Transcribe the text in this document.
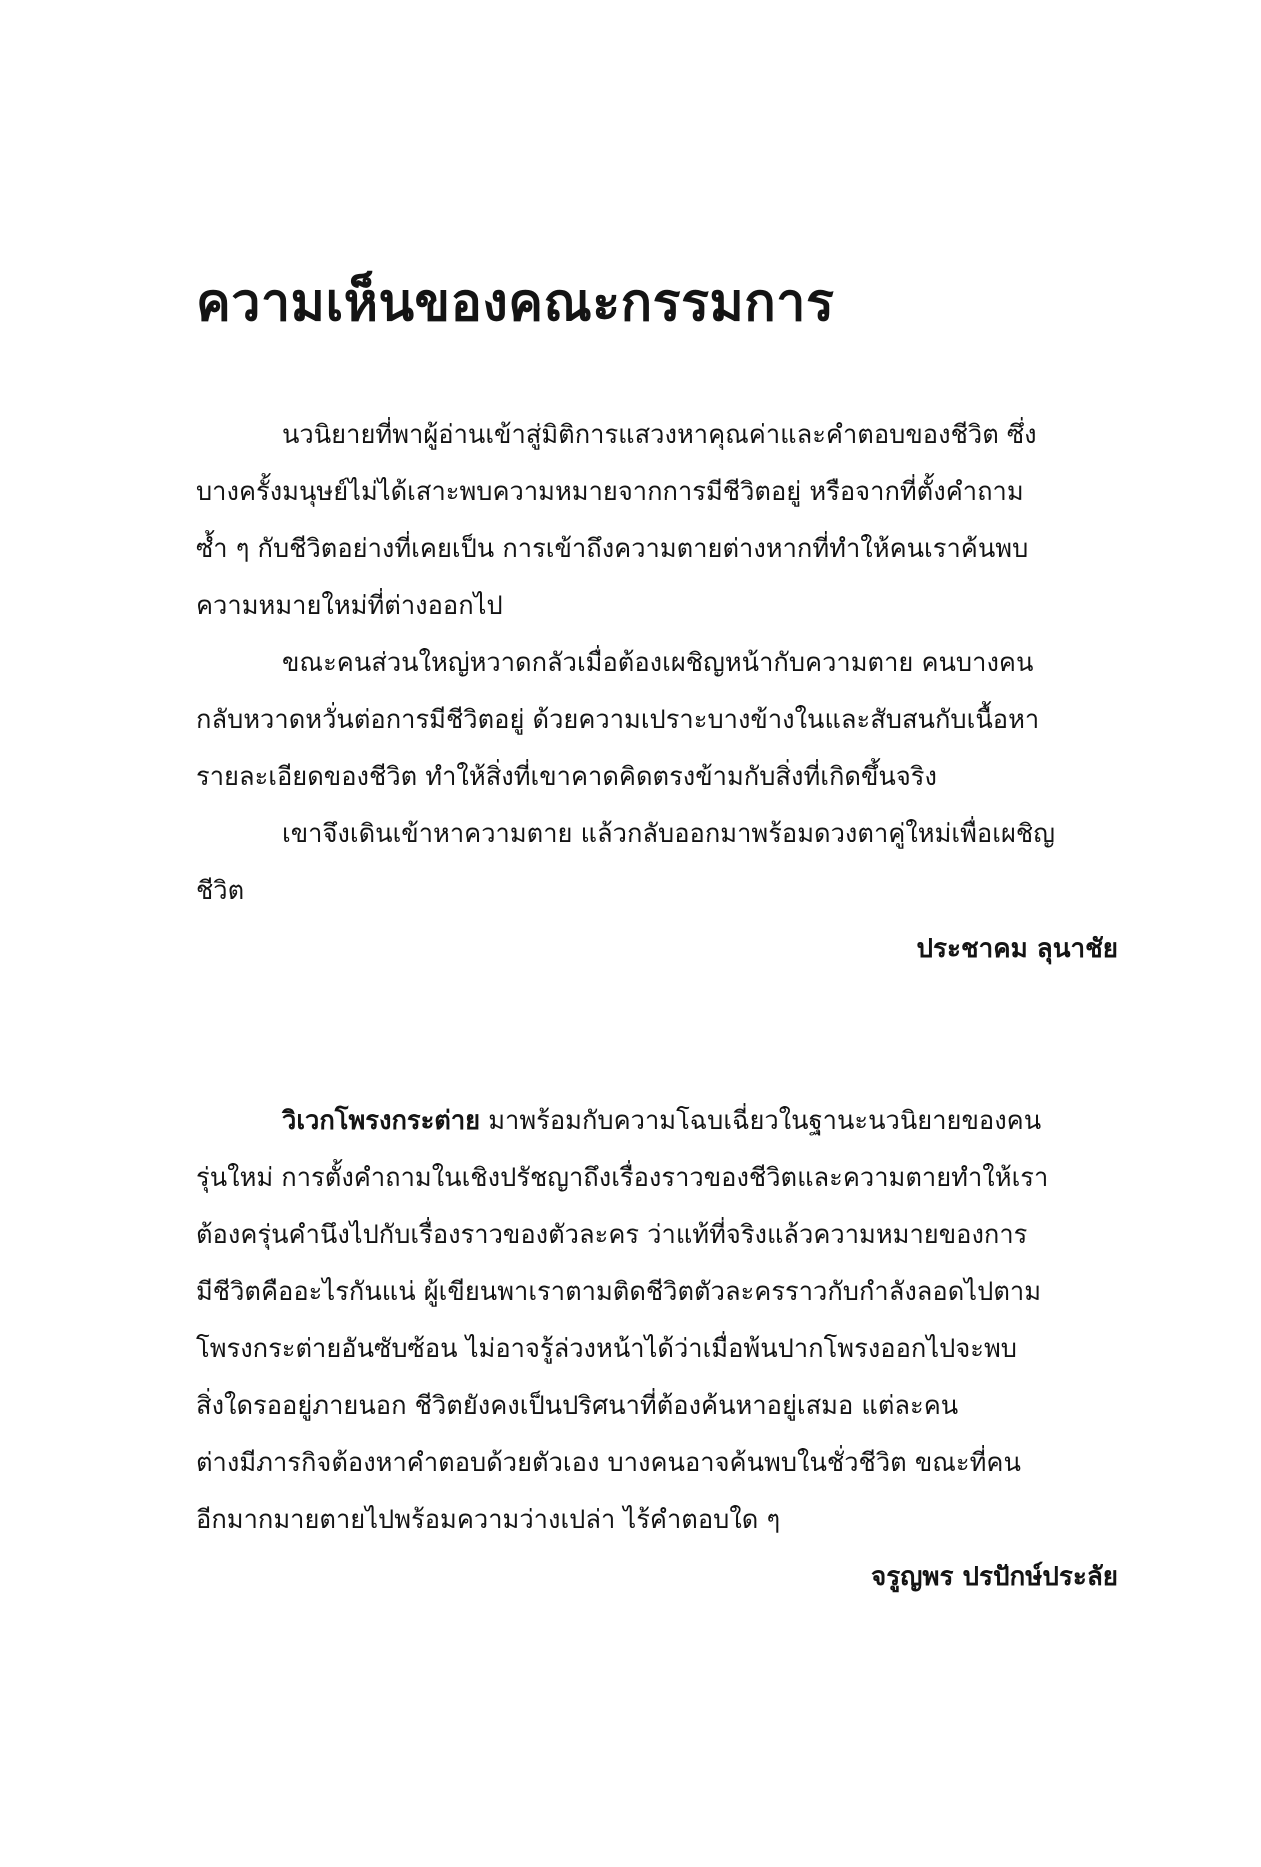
ความเห็นของคณะกรรมการ

นวนิยายที่พาผู้อ่านเข้าสู่มิติการแสวงหาคุณค่าและคำตอบของชีวิต ซึ่ง

บางครั้งมนุษย์ไม่ได้เสาะพบความหมายจากการมีชีวิตอยู่ หรือจากที่ตั้งคำถาม

ซ้ำ ๆ กับชีวิตอย่างที่เคยเป็น การเข้าถึงความตายต่างหากที่ทำให้คนเราค้นพบ

ความหมายใหม่ที่ต่างออกไป

ขณะคนส่วนใหญ่หวาดกลัวเมื่อต้องเผชิญหน้ากับความตาย คนบางคน

กลับหวาดหวั่นต่อการมีชีวิตอยู่ ด้วยความเปราะบางข้างในและสับสนกับเนื้อหา

รายละเอียดของชีวิต ทำให้สิ่งที่เขาคาดคิดตรงข้ามกับสิ่งที่เกิดขึ้นจริง

เขาจึงเดินเข้าหาความตาย แล้วกลับออกมาพร้อมดวงตาคู่ใหม่เพื่อเผชิญ

ชีวิต

ประชาคม ลุนาชัย

วิเวกโพรงกระต่าย มาพร้อมกับความโฉบเฉี่ยวในฐานะนวนิยายของคน

รุ่นใหม่ การตั้งคำถามในเชิงปรัชญาถึงเรื่องราวของชีวิตและความตายทำให้เรา

ต้องครุ่นคำนึงไปกับเรื่องราวของตัวละคร ว่าแท้ที่จริงแล้วความหมายของการ

มีชีวิตคืออะไรกันแน่ ผู้เขียนพาเราตามติดชีวิตตัวละครราวกับกำลังลอดไปตาม

โพรงกระต่ายอันซับซ้อน ไม่อาจรู้ล่วงหน้าได้ว่าเมื่อพ้นปากโพรงออกไปจะพบ

สิ่งใดรออยู่ภายนอก ชีวิตยังคงเป็นปริศนาที่ต้องค้นหาอยู่เสมอ แต่ละคน

ต่างมีภารกิจต้องหาคำตอบด้วยตัวเอง บางคนอาจค้นพบในชั่วชีวิต ขณะที่คน

อีกมากมายตายไปพร้อมความว่างเปล่า ไร้คำตอบใด ๆ

จรูญพร ปรปักษ์ประลัย
